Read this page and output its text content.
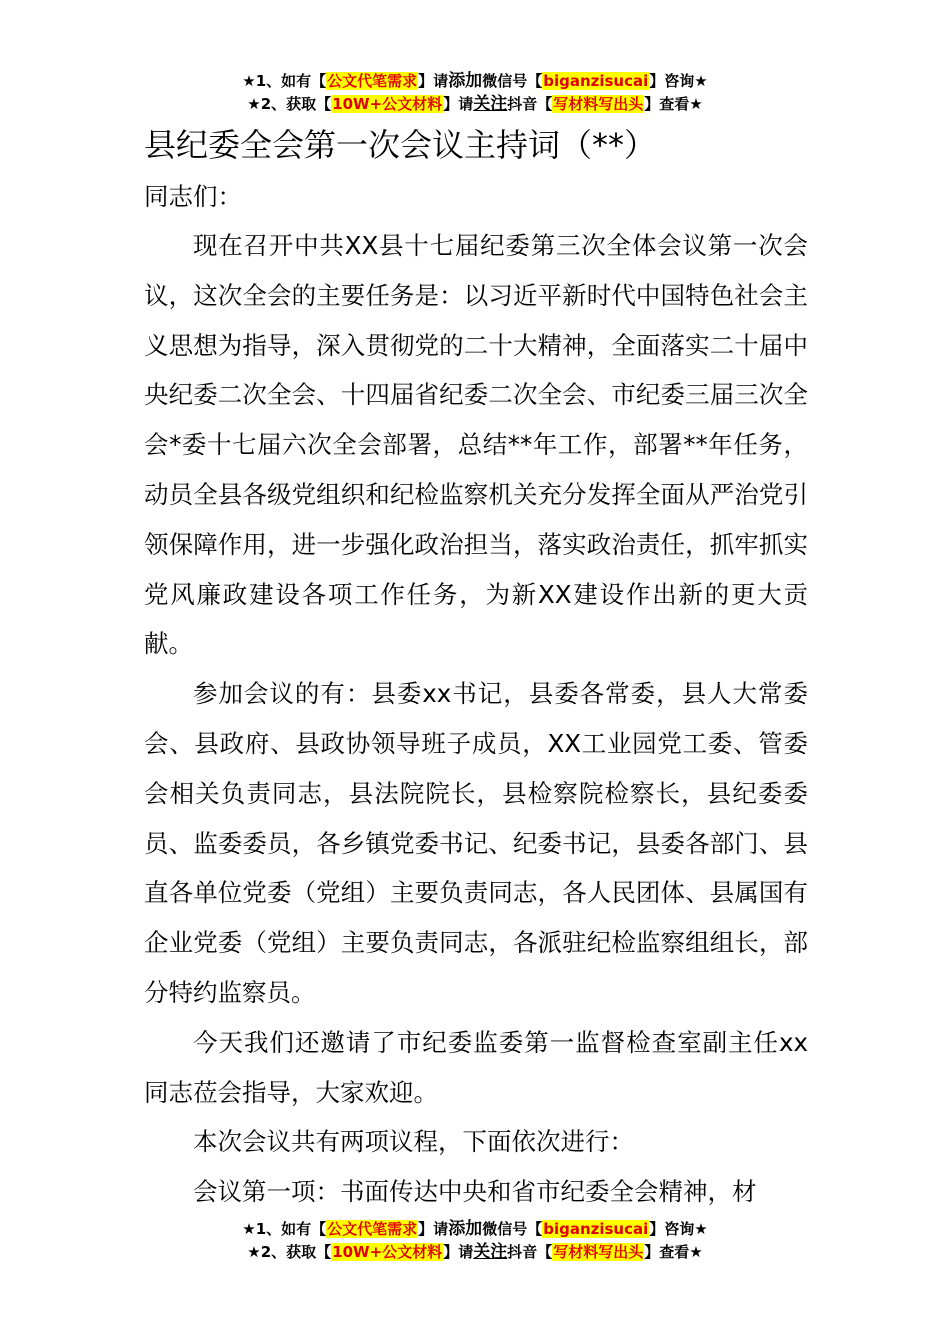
★1、如有【公文代笔需求】请添加微信号【biganzisucai】咨询★
★2、获取【10W+公文材料】请关注抖音【写材料写出头】查看★
县纪委全会第一次会议主持词（**）

同志们：

现在召开中共XX县十七届纪委第三次全体会议第一次会议，这次全会的主要任务是：以习近平新时代中国特色社会主义思想为指导，深入贯彻党的二十大精神，全面落实二十届中央纪委二次全会、十四届省纪委二次全会、市纪委三届三次全会*委十七届六次全会部署，总结**年工作，部署**年任务，动员全县各级党组织和纪检监察机关充分发挥全面从严治党引领保障作用，进一步强化政治担当，落实政治责任，抓牢抓实党风廉政建设各项工作任务，为新XX建设作出新的更大贡献。

参加会议的有：县委xx书记，县委各常委，县人大常委会、县政府、县政协领导班子成员，XX工业园党工委、管委会相关负责同志，县法院院长，县检察院检察长，县纪委委员、监委委员，各乡镇党委书记、纪委书记，县委各部门、县直各单位党委（党组）主要负责同志，各人民团体、县属国有企业党委（党组）主要负责同志，各派驻纪检监察组组长，部分特约监察员。

今天我们还邀请了市纪委监委第一监督检查室副主任xx同志莅会指导，大家欢迎。

本次会议共有两项议程，下面依次进行：

会议第一项：书面传达中央和省市纪委全会精神，材

★1、如有【公文代笔需求】请添加微信号【biganzisucai】咨询★
★2、获取【10W+公文材料】请关注抖音【写材料写出头】查看★
